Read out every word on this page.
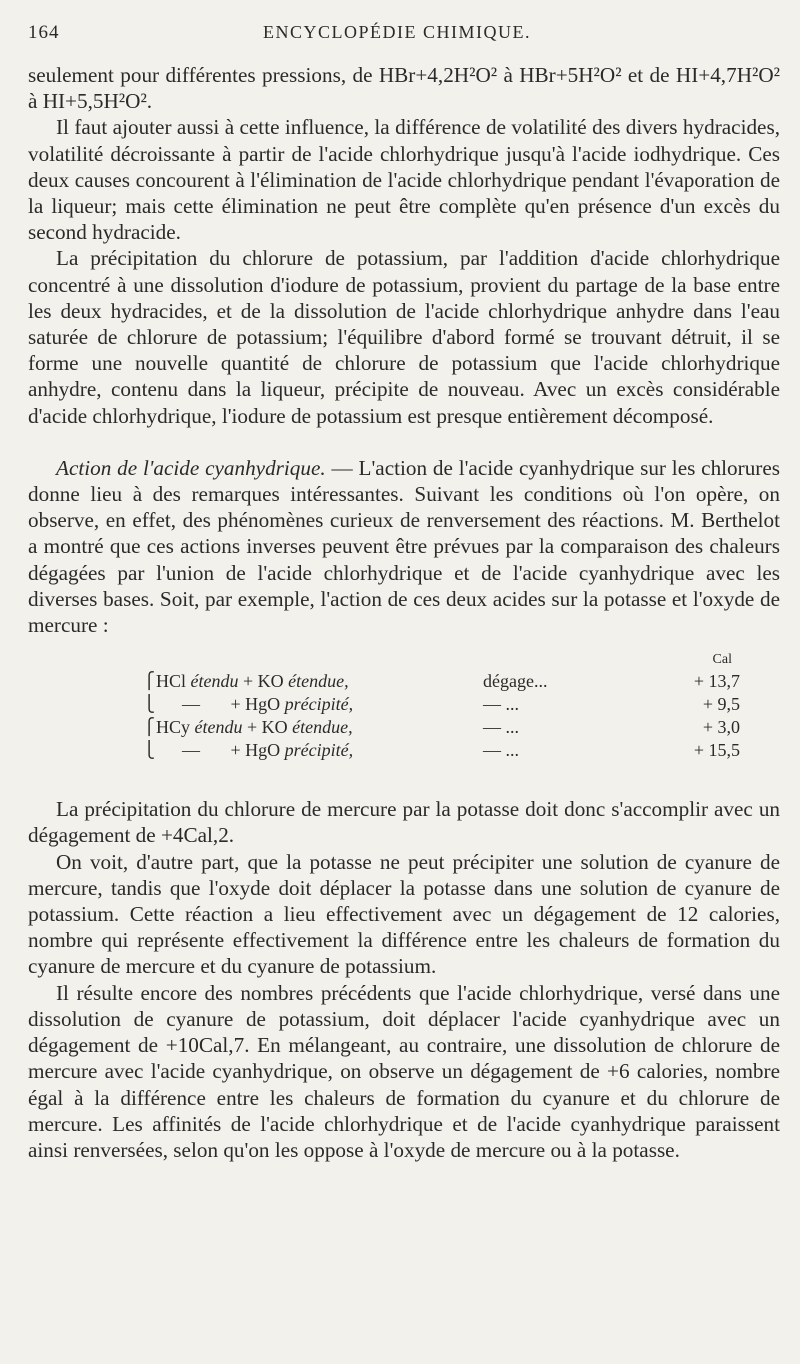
164	ENCYCLOPÉDIE CHIMIQUE.

seulement pour différentes pressions, de HBr+4,2H²O² à HBr+5H²O² et de HI+4,7H²O² à HI+5,5H²O².

Il faut ajouter aussi à cette influence, la différence de volatilité des divers hydracides, volatilité décroissante à partir de l'acide chlorhydrique jusqu'à l'acide iodhydrique. Ces deux causes concourent à l'élimination de l'acide chlorhydrique pendant l'évaporation de la liqueur; mais cette élimination ne peut être complète qu'en présence d'un excès du second hydracide.

La précipitation du chlorure de potassium, par l'addition d'acide chlorhydrique concentré à une dissolution d'iodure de potassium, provient du partage de la base entre les deux hydracides, et de la dissolution de l'acide chlorhydrique anhydre dans l'eau saturée de chlorure de potassium; l'équilibre d'abord formé se trouvant détruit, il se forme une nouvelle quantité de chlorure de potassium que l'acide chlorhydrique anhydre, contenu dans la liqueur, précipite de nouveau. Avec un excès considérable d'acide chlorhydrique, l'iodure de potassium est presque entièrement décomposé.

Action de l'acide cyanhydrique. — L'action de l'acide cyanhydrique sur les chlorures donne lieu à des remarques intéressantes. Suivant les conditions où l'on opère, on observe, en effet, des phénomènes curieux de renversement des réactions. M. Berthelot a montré que ces actions inverses peuvent être prévues par la comparaison des chaleurs dégagées par l'union de l'acide chlorhydrique et de l'acide cyanhydrique avec les diverses bases. Soit, par exemple, l'action de ces deux acides sur la potasse et l'oxyde de mercure :

Cal
⎧ HCl étendu + KO étendue,	dégage...	+ 13,7
⎩	— + HgO précipité,	— ...	+ 9,5
⎧ HCy étendu + KO étendue,	— ...	+ 3,0
⎩	— + HgO précipité,	— ...	+ 15,5

La précipitation du chlorure de mercure par la potasse doit donc s'accomplir avec un dégagement de +4Cal,2.

On voit, d'autre part, que la potasse ne peut précipiter une solution de cyanure de mercure, tandis que l'oxyde doit déplacer la potasse dans une solution de cyanure de potassium. Cette réaction a lieu effectivement avec un dégagement de 12 calories, nombre qui représente effectivement la différence entre les chaleurs de formation du cyanure de mercure et du cyanure de potassium.

Il résulte encore des nombres précédents que l'acide chlorhydrique, versé dans une dissolution de cyanure de potassium, doit déplacer l'acide cyanhydrique avec un dégagement de +10Cal,7. En mélangeant, au contraire, une dissolution de chlorure de mercure avec l'acide cyanhydrique, on observe un dégagement de +6 calories, nombre égal à la différence entre les chaleurs de formation du cyanure et du chlorure de mercure. Les affinités de l'acide chlorhydrique et de l'acide cyanhydrique paraissent ainsi renversées, selon qu'on les oppose à l'oxyde de mercure ou à la potasse.
